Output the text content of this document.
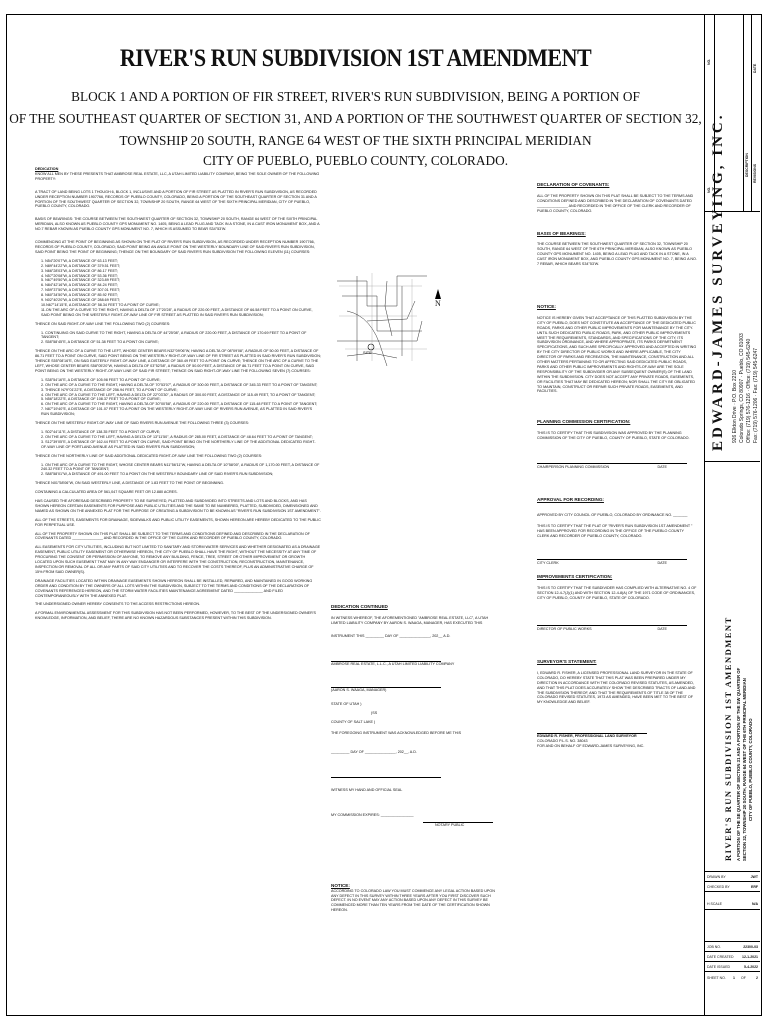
RIVER'S RUN SUBDIVISION 1ST AMENDMENT
BLOCK 1 AND A PORTION OF FIR STREET, RIVER'S RUN SUBDIVISION, BEING A PORTION OF
OF THE SOUTHEAST QUARTER OF SECTION 31, AND A PORTION OF THE SOUTHWEST QUARTER OF SECTION 32,
TOWNSHIP 20 SOUTH, RANGE 64 WEST OF THE SIXTH PRINCIPAL MERIDIAN
CITY OF PUEBLO, PUEBLO COUNTY, COLORADO.
DEDICATION

KNOW ALL MEN BY THESE PRESENTS THAT AMBROSE REAL ESTATE, LLC, A UTAH LIMITED LIABILITY COMPANY, BEING THE SOLE OWNER OF THE FOLLOWING PROPERTY:

A TRACT OF LAND BEING LOTS 1 THOUGH 6, BLOCK 1, INCLUSIVE AND A PORTION OF FIR STREET AS PLATTED IN RIVER'S RUN SUBDIVISION, AS RECORDED UNDER RECEPTION NUMBER 1907766, RECORDS OF PUEBLO COUNTY, COLORADO, BEING A PORTION OF THE SOUTHEAST QUARTER OF SECTION 31 AND A PORTION OF THE SOUTHWEST QUARTER OF SECTION 32, TOWNSHIP 20 SOUTH, RANGE 64 WEST OF THE SIXTH PRINCIPAL MERIDIAN, CITY OF PUEBLO, PUEBLO COUNTY, COLORADO.

BASIS OF BEARINGS: THE COURSE BETWEEN THE SOUTHWEST QUARTER OF SECTION 32, TOWNSHIP 20 SOUTH, RANGE 64 WEST OF THE SIXTH PRINCIPAL MERIDIAN, ALSO KNOWN AS PUEBLO COUNTY GPS MONUMENT NO. 1405, BEING A LEAD PLUG AND TACK IN A STONE, IN A CAST IRON MONUMENT BOX, AND A NO.7 REBAR KNOWN AS PUEBLO COUNTY GPS MONUMENT NO. 7, WHICH IS ASSUMED TO BEAR S34°53'W.

COMMENCING AT THE POINT OF BEGINNING AS SHOWN ON THE PLAT OF RIVER'S RUN SUBDIVISION, AS RECORDED UNDER RECEPTION NUMBER 1907766, RECORDS OF PUEBLO COUNTY, COLORADO; SAID POINT BEING AN ANGLE POINT ON THE WESTERLY BOUNDARY LINE OF SAID RIVER'S RUN SUBDIVISION, SAID POINT BEING THE POINT OF BEGINNING; THENCE ON THE BOUNDARY OF SAID RIVER'S RUN SUBDIVISION THE FOLLOWING ELEVEN (11) COURSES:

1. N54°20'07"W, A DISTANCE OF 63.13 FEET;
2. N89°44'22"W, A DISTANCE OF 379.51 FEET;
3. N66°28'03"W, A DISTANCE OF 86.17 FEET;
4. N57°20'08"W, A DISTANCE OF 53.36 FEET;
5. N67°49'50"W, A DISTANCE OF 323.89 FEET;
6. N84°42'16"W, A DISTANCE OF 84.24 FEET;
7. N59°37'50"W, A DISTANCE OF 307.01 FEET;
8. N60°34'50"W, A DISTANCE OF 85.92 FEET;
9. N02°40'20"W, A DISTANCE OF 288.69 FEET;
10.N67°14'15"E, A DISTANCE OF 58.34 FEET TO A POINT OF CURVE;
11.ON THE ARC OF A CURVE TO THE RIGHT, HAVING A DELTA OF 17°20'28", A RADIUS OF 220.00 FEET, A DISTANCE OF 66.58 FEET TO A POINT ON CURVE, SAID POINT BEING ON THE WESTERLY RIGHT-OF-WAY LINE OF FIR STREET AS PLATTED IN SAID RIVER'S RUN SUBDIVISION;

THENCE ON SAID RIGHT-OF-WAY LINE THE FOLLOWING TWO (2) COURSES:

1. CONTINUING ON SAID CURVE TO THE RIGHT, HAVING A DELTA OF 44°25'08", A RADIUS OF 220.00 FEET, A DISTANCE OF 170.69 FEET TO A POINT OF TANGENT;
2. S58°58'45"E, A DISTANCE OF 51.38 FEET TO A POINT ON CURVE;

THENCE ON THE ARC OF A CURVE TO THE LEFT, WHOSE CENTER BEARS N32°09'06"W, HAVING A DELTA OF 08°09'08", A RADIUS OF 50.00 FEET, A DISTANCE OF 86.71 FEET TO A POINT ON CURVE, SAID POINT BEING ON THE WESTERLY RIGHT-OF-WAY LINE OF FIR STREET AS PLATTED IN SAID RIVER'S RUN SUBDIVISION; THENCE S55°08'16"E, ON SAID EASTERLY RIGHT-OF-WAY LINE, A DISTANCE OF 360.49 FEET TO A POINT ON CURVE; THENCE ON THE ARC OF A CURVE TO THE LEFT, WHOSE CENTER BEARS S58°05'20"W, HAVING A DELTA OF 03°52'58", A RADIUS OF 50.00 FEET, A DISTANCE OF 86.71 FEET TO A POINT ON CURVE, SAID POINT BEING ON THE WESTERLY RIGHT-OF-WAY LINE OF SAID FIR STREET; THENCE ON SAID RIGHT-OF-WAY LINE THE FOLLOWING SEVEN (7) COURSES:

1. S38°54'16"E, A DISTANCE OF 105.98 FEET TO A POINT OF CURVE;
2. ON THE ARC OF A CURVE TO THE RIGHT, HAVING A DELTA OF 70°53'07", A RADIUS OF 300.00 FEET, A DISTANCE OF 345.33 FEET TO A POINT OF TANGENT;
3. THENCE N79°01'22"E, A DISTANCE OF 256.94 FEET, TO A POINT OF CURVE;
4. ON THE ARC OF A CURVE TO THE LEFT, HAVING A DELTA OF 22°03'30", A RADIUS OF 300.00 FEET, A DISTANCE OF 115.49 FEET, TO A POINT OF TANGENT;
5. N56°18'22"E, A DISTANCE OF 108.37 FEET TO A POINT OF CURVE;
6. ON THE ARC OF A CURVE TO THE RIGHT, HAVING A DELTA OF 30°00'58", A RADIUS OF 220.00 FEET, A DISTANCE OF 115.48 FEET TO A POINT OF TANGENT;
7. N87°19'40"E, A DISTANCE OF 101.07 FEET TO A POINT ON THE WESTERLY RIGHT-OF-WAY LINE OF RIVERS RUN AVENUE, AS PLATTED IN SAID RIVER'S RUN SUBDIVISION;

THENCE ON THE WESTERLY RIGHT-OF-WAY LINE OF SAID RIVERS RUN AVENUE THE FOLLOWING THREE (3) COURSES:

1. S02°44'11"E, A DISTANCE OF 138.35 FEET TO A POINT OF CURVE;
2. ON THE ARC OF A CURVE TO THE LEFT, HAVING A DELTA OF 13°11'50", A RADIUS OF 285.00 FEET, A DISTANCE OF 48.64 FEET TO A POINT OF TANGENT;
3. S12°39'05"E, A DISTANCE OF 162.44 FEET TO A POINT ON CURVE, SAID POINT BEING ON THE NORTHERLY LINE OF THE ADDITIONAL DEDICATED RIGHT-OF-WAY LINE OF PORTLAND AVENUE AS PLATTED IN SAID RIVER'S RUN SUBDIVISION;

THENCE ON THE NORTHERLY LINE OF SAID ADDITIONAL DEDICATED RIGHT-OF-WAY LINE THE FOLLOWING TWO (2) COURSES:

1. ON THE ARC OF A CURVE TO THE RIGHT, WHOSE CENTER BEARS N11°56'11"W, HAVING A DELTA OF 10°58'00", A RADIUS OF 1,170.00 FEET, A DISTANCE OF 240.32 FEET TO A POINT OF TANGENT;
2. S88°58'01"W, A DISTANCE OF 491.00 FEET TO A POINT ON THE WESTERLY BOUNDARY LINE OF SAID RIVER'S RUN SUBDIVISION;

THENCE N01°58'06"W, ON SAID WESTERLY LINE, A DISTANCE OF 1.83 FEET TO THE POINT OF BEGINNING.

CONTAINING A CALCULATED AREA OF 561,047 SQUARE FEET OR 12.880 ACRES.

HAS CAUSED THE AFORESAID DESCRIBED PROPERTY TO BE SURVEYED, PLATTED AND SUBDIVIDED INTO STREETS AND LOTS AND BLOCKS, AND HAS SHOWN HEREON CERTAIN EASEMENTS FOR PURPOSE AND PUBLIC UTILITIES AND THE SAME TO BE NUMBERED, PLATTED, SUBDIVIDED, DIMENSIONED AND NAMED AS SHOWN ON THE ANNEXED PLAT FOR THE PURPOSE OF CREATING A SUBDIVISION TO BE KNOWN AS "RIVER'S RUN SUBDIVISION 1ST AMENDMENT".

ALL OF THE STREETS, EASEMENTS FOR DRAINAGE, SIDEWALKS AND PUBLIC UTILITY EASEMENTS, SHOWN HEREON ARE HEREBY DEDICATED TO THE PUBLIC FOR PERPETUAL USE.

ALL OF THE PROPERTY SHOWN ON THIS PLAT SHALL BE SUBJECT TO THE TERMS AND CONDITIONS DEFINED AND DESCRIBED IN THE DECLARATION OF COVENANTS DATED _______________ AND RECORDED IN THE OFFICE OF THE CLERK AND RECORDER OF PUEBLO COUNTY, COLORADO.

ALL EASEMENTS FOR CITY UTILITIES, INCLUDING BUT NOT LIMITED TO SANITARY AND STORM WATER SERVICES AND WHETHER DESIGNATED AS A DRAINAGE EASEMENT, PUBLIC UTILITY EASEMENT OR OTHERWISE HEREON, THE CITY OF PUEBLO SHALL HAVE THE RIGHT, WITHOUT THE NECESSITY AT ANY TIME OF PROCURING THE CONSENT OR PERMISSION OF ANYONE, TO REMOVE ANY BUILDING, FENCE, TREE, STREET OR OTHER IMPROVEMENT OR GROWTH LOCATED UPON SUCH EASEMENT THAT MAY IN ANY WAY ENDANGER OR INTERFERE WITH THE CONSTRUCTION, RECONSTRUCTION, MAINTENANCE, INSPECTION OR REMOVAL OF ALL OR ANY PARTS OF SAID CITY UTILITIES AND TO RECOVER THE COSTS THEREOF, PLUS AN ADMINISTRATIVE CHARGE OF 15% FROM SAID OWNER(S).

DRAINAGE FACILITIES LOCATED WITHIN DRAINAGE EASEMENTS SHOWN HEREON SHALL BE INSTALLED, REPAIRED, AND MAINTAINED IN GOOD WORKING ORDER AND CONDITION BY THE OWNERS OF ALL LOTS WITHIN THE SUBDIVISION, SUBJECT TO THE TERMS AND CONDITIONS OF THE DECLARATION OF COVENANTS REFERENCED HEREON, AND THE STORM WATER FACILITIES MAINTENANCE AGREEMENT DATED ______________ AND FILED CONTEMPORANEOUSLY WITH THE ANNEXED PLAT.

THE UNDERSIGNED OWNER HEREBY CONSENTS TO THE ACCESS RESTRICTIONS HEREON.

A FORMAL ENVIRONMENTAL ASSESSMENT FOR THIS SUBDIVISION HAS NOT BEEN PERFORMED, HOWEVER, TO THE BEST OF THE UNDERSIGNED OWNER'S KNOWLEDGE, INFORMATION, AND BELIEF, THERE ARE NO KNOWN HAZARDOUS SUBSTANCES PRESENT WITHIN THIS SUBDIVISION.

SITE
N
DEDICATION CONTINUED

IN WITNESS WHEREOF, THE AFOREMENTIONED "AMBROSE REAL ESTATE, LLC", A UTAH LIMITED LIABILITY COMPANY BY AARON S. WAAGA, MANAGER, HAS EXECUTED THIS

INSTRUMENT THIS _________ DAY OF _______________, 202__ A.D.

AMBROSE REAL ESTATE, L.L.C., A UTAH LIMITED LIABILITY COMPANY

(AARON S. WAAGA, MANAGER)

STATE OF UTAH )

)SS

COUNTY OF SALT LAKE )

THE FOREGOING INSTRUMENT WAS ACKNOWLEDGED BEFORE ME THIS

_________ DAY OF _______________, 202__, A.D.

WITNESS MY HAND AND OFFICIAL SEAL

MY COMMISSION EXPIRES: ________________

NOTARY PUBLIC

NOTICE:

ACCORDING TO COLORADO LAW YOU MUST COMMENCE ANY LEGAL ACTION BASED UPON ANY DEFECT IN THIS SURVEY WITHIN THREE YEARS AFTER YOU FIRST DISCOVER SUCH DEFECT. IN NO EVENT MAY ANY ACTION BASED UPON ANY DEFECT IN THIS SURVEY BE COMMENCED MORE THAN TEN YEARS FROM THE DATE OF THE CERTIFICATION SHOWN HEREON.

DECLARATION OF COVENANTS:

ALL OF THE PROPERTY SHOWN ON THIS PLAT SHALL BE SUBJECT TO THE TERMS AND CONDITIONS DEFINED AND DESCRIBED IN THE DECLARATION OF COVENANTS DATED _______________ AND RECORDED IN THE OFFICE OF THE CLERK AND RECORDER OF PUEBLO COUNTY, COLORADO.

BASIS OF BEARINGS:

THE COURSE BETWEEN THE SOUTHWEST QUARTER OF SECTION 32, TOWNSHIP 20 SOUTH, RANGE 64 WEST OF THE 6TH PRINCIPAL MERIDIAN, ALSO KNOWN AS PUEBLO COUNTY GPS MONUMENT NO. 1405, BEING A LEAD PLUG AND TACK IN A STONE, IN A CAST IRON MONUMENT BOX, AND PUEBLO COUNTY GPS MONUMENT NO. 7, BEING A NO. 7 REBAR, WHICH BEARS S34°53'W.

NOTICE:

NOTICE IS HEREBY GIVEN THAT ACCEPTANCE OF THIS PLATTED SUBDIVISION BY THE CITY OF PUEBLO, DOES NOT CONSTITUTE AN ACCEPTANCE OF THE DEDICATED PUBLIC ROADS, PARKS AND OTHER PUBLIC IMPROVEMENTS FOR MAINTENANCE BY THE CITY. UNTIL SUCH DEDICATED PUBLIC ROADS, PARK, AND OTHER PUBLIC IMPROVEMENTS MEET THE REQUIREMENTS, STANDARDS, AND SPECIFICATIONS OF THE CITY, ITS SUBDIVISION ORDINANCE, AND WHERE APPROPRIATE, ITS PARKS DEPARTMENT SPECIFICATIONS, AND SUCH ARE SPECIFICALLY APPROVED AND ACCEPTED IN WRITING BY THE CITY DIRECTOR OF PUBLIC WORKS AND WHERE APPLICABLE, THE CITY DIRECTOR OF PARKS AND RECREATION, THE MAINTENANCE, CONSTRUCTION AND ALL OTHER MATTERS PERTAINING TO OR AFFECTING SAID DEDICATED PUBLIC ROADS, PARKS AND OTHER PUBLIC IMPROVEMENTS AND RIGHTS-OF-WAY ARE THE SOLE RESPONSIBILITY OF THE SUBDIVIDER OR ANY SUBSEQUENT OWNER(S) OF THE LAND WITHIN THE SUBDIVISION. CITY DOES NOT ACCEPT ANY PRIVATE ROADS, EASEMENTS, OR FACILITIES THAT MAY BE DEDICATED HEREON; NOR SHALL THE CITY BE OBLIGATED TO MAINTAIN, CONSTRUCT OR REPAIR SUCH PRIVATE ROADS, EASEMENTS, AND FACILITIES.

PLANNING COMMISSION CERTIFICATION:

THIS IS TO CERTIFY THAT THIS SUBDIVISION WAS APPROVED BY THE PLANNING COMMISSION OF THE CITY OF PUEBLO, COUNTY OF PUEBLO, STATE OF COLORADO.

CHAIRPERSON PLANNING COMMISSION	DATE
APPROVAL FOR RECORDING:

APPROVED BY CITY COUNCIL OF PUEBLO, COLORADO BY ORDINANCE NO. _______

THIS IS TO CERTIFY THAT THE PLAT OF "RIVER'S RUN SUBDIVISION 1ST AMENDMENT " HAS BEEN APPROVED FOR RECORDING IN THE OFFICE OF THE PUEBLO COUNTY CLERK AND RECORDER OF PUEBLO COUNTY, COLORADO.

CITY CLERK	DATE
IMPROVEMENTS CERTIFICATION:

THIS IS TO CERTIFY THAT THE SUBDIVIDER HAS COMPLIED WITH ALTERNATIVE NO. 4 OF SECTION 12-4-7(J)(1) AND WITH SECTION 12-4-8(A) OF THE 1971 CODE OF ORDINANCES, CITY OF PUEBLO, COUNTY OF PUEBLO, STATE OF COLORADO.

DIRECTOR OF PUBLIC WORKS	DATE
SURVEYOR'S STATEMENT:

I, EDWARD R. FISHER, A LICENSED PROFESSIONAL LAND SURVEYOR IN THE STATE OF COLORADO, DO HEREBY STATE THAT THIS PLAT WAS BEEN PREPARED UNDER MY DIRECTION IN ACCORDANCE WITH THE COLORADO REVISED STATUTES, AS AMENDED, AND THAT THIS PLAT DOES ACCURATELY SHOW THE DESCRIBED TRACTS OF LAND AND THE SUBDIVISION THEREOF, AND THAT THE REQUIREMENTS OF TITLE 38 OF THE COLORADO REVISED STATUTES, 1973 AS AMENDED, HAVE BEEN MET TO THE BEST OF MY KNOWLEDGE AND BELIEF.

EDWARD R. FISHER, PROFESSIONAL LAND SURVEYOR

COLORADO P.L.S. NO. 38043

FOR AND ON BEHALF OF EDWARD-JAMES SURVEYING, INC.

NO.
NO.
DESCRIPTION
DATE
REVISIONS
EDWARD-JAMES SURVEYING, INC. 926 Elkton Drive · P.O. Box 2210 Colorado Springs, CO 80907 · Pueblo, CO 81003 Office: (719) 576-1216 · Office: (719) 545-6240 Fax: (719) 576-1206 · Fax: (719) 545-6247
RIVER'S RUN SUBDIVISION 1ST AMENDMENT A PORTION OF THE SE QUARTER OF SECTION 31 AND A PORTION OF THE SW QUARTER OF SECTION 32, TOWNSHIP 20 SOUTH, RANGE 64 WEST OF THE 6TH PRINCIPAL MERIDIAN CITY OF PUEBLO, PUEBLO COUNTY, COLORADO
DRAWN BY	JWT
CHECKED BY	ERF
H SCALE	N/A
JOB NO.	22300-03
DATE CREATED 12-1-2021
DATE ISSUED	5-4-2022
SHEET NO. 1 OF	2
